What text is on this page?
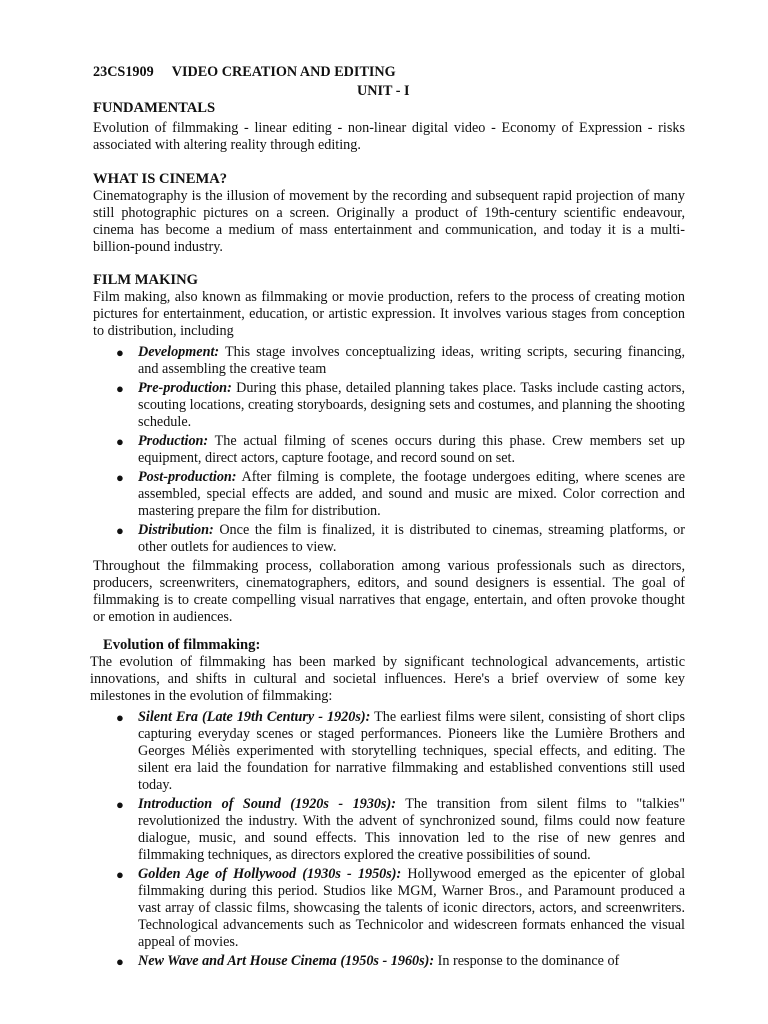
23CS1909 VIDEO CREATION AND EDITING
UNIT - I
FUNDAMENTALS

Evolution of filmmaking - linear editing - non-linear digital video - Economy of Expression - risks associated with altering reality through editing.

WHAT IS CINEMA?

Cinematography is the illusion of movement by the recording and subsequent rapid projection of many still photographic pictures on a screen. Originally a product of 19th-century scientific endeavour, cinema has become a medium of mass entertainment and communication, and today it is a multi-billion-pound industry.

FILM MAKING

Film making, also known as filmmaking or movie production, refers to the process of creating motion pictures for entertainment, education, or artistic expression. It involves various stages from conception to distribution, including

● Development: This stage involves conceptualizing ideas, writing scripts, securing financing, and assembling the creative team
● Pre-production: During this phase, detailed planning takes place. Tasks include casting actors, scouting locations, creating storyboards, designing sets and costumes, and planning the shooting schedule.
● Production: The actual filming of scenes occurs during this phase. Crew members set up equipment, direct actors, capture footage, and record sound on set.
● Post-production: After filming is complete, the footage undergoes editing, where scenes are assembled, special effects are added, and sound and music are mixed. Color correction and mastering prepare the film for distribution.
● Distribution: Once the film is finalized, it is distributed to cinemas, streaming platforms, or other outlets for audiences to view.

Throughout the filmmaking process, collaboration among various professionals such as directors, producers, screenwriters, cinematographers, editors, and sound designers is essential. The goal of filmmaking is to create compelling visual narratives that engage, entertain, and often provoke thought or emotion in audiences.

Evolution of filmmaking:

The evolution of filmmaking has been marked by significant technological advancements, artistic innovations, and shifts in cultural and societal influences. Here's a brief overview of some key milestones in the evolution of filmmaking:

● Silent Era (Late 19th Century - 1920s): The earliest films were silent, consisting of short clips capturing everyday scenes or staged performances. Pioneers like the Lumière Brothers and Georges Méliès experimented with storytelling techniques, special effects, and editing. The silent era laid the foundation for narrative filmmaking and established conventions still used today.
● Introduction of Sound (1920s - 1930s): The transition from silent films to "talkies" revolutionized the industry. With the advent of synchronized sound, films could now feature dialogue, music, and sound effects. This innovation led to the rise of new genres and filmmaking techniques, as directors explored the creative possibilities of sound.
● Golden Age of Hollywood (1930s - 1950s): Hollywood emerged as the epicenter of global filmmaking during this period. Studios like MGM, Warner Bros., and Paramount produced a vast array of classic films, showcasing the talents of iconic directors, actors, and screenwriters. Technological advancements such as Technicolor and widescreen formats enhanced the visual appeal of movies.
● New Wave and Art House Cinema (1950s - 1960s): In response to the dominance of
